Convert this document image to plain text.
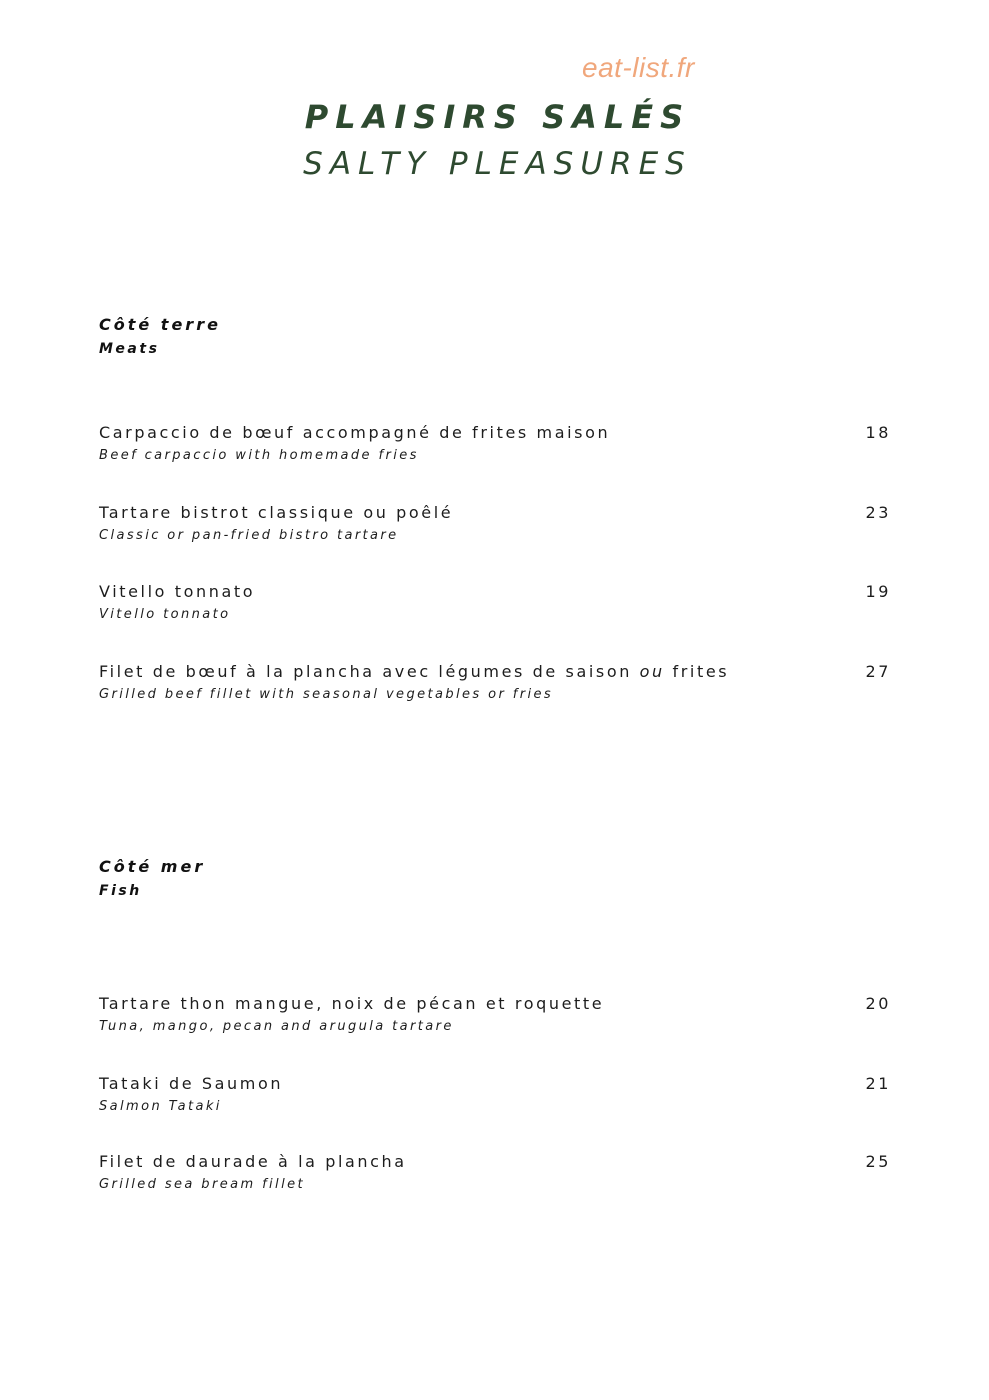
eat-list.fr
PLAISIRS SALÉS
SALTY PLEASURES
Côté terre
Meats
Carpaccio de bœuf accompagné de frites maison
Beef carpaccio with homemade fries
18
Tartare bistrot classique ou poêlé
Classic or pan-fried bistro tartare
23
Vitello tonnato
Vitello tonnato
19
Filet de bœuf à la plancha avec légumes de saison ou frites
Grilled beef fillet with seasonal vegetables or fries
27
Côté mer
Fish
Tartare thon mangue, noix de pécan et roquette
Tuna, mango, pecan and arugula tartare
20
Tataki de Saumon
Salmon Tataki
21
Filet de daurade à la plancha
Grilled sea bream fillet
25
